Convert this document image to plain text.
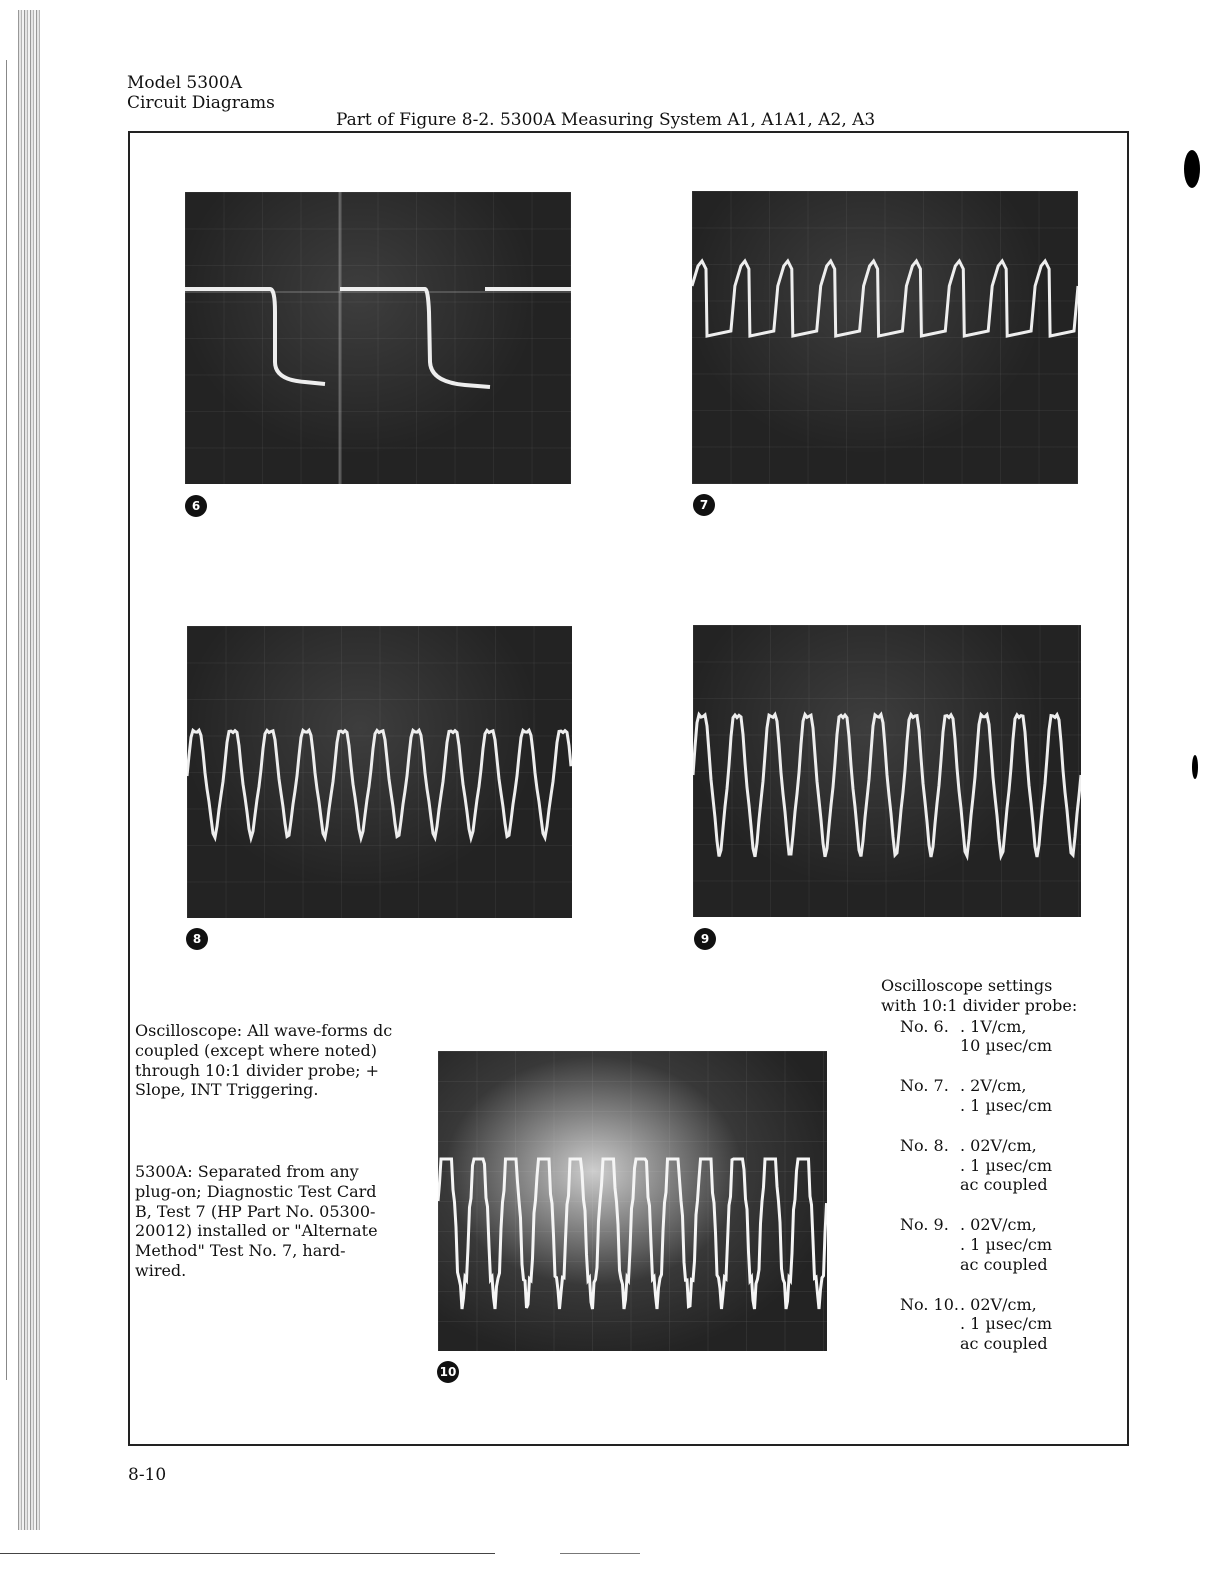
Model 5300A
Circuit Diagrams
Part of Figure 8-2. 5300A Measuring System A1, A1A1, A2, A3
6	7
8	9
10
Oscilloscope: All wave-forms dc coupled (except where noted) through 10:1 divider probe; + Slope, INT Triggering.
5300A: Separated from any plug-on; Diagnostic Test Card B, Test 7 (HP Part No. 05300-20012) installed or "Alternate Method" Test No. 7, hard-wired.
Oscilloscope settings
with 10:1 divider probe:
No. 6. . 1V/cm,
10 µsec/cm
No. 7. . 2V/cm,
. 1 µsec/cm
No. 8. . 02V/cm,
. 1 µsec/cm
ac coupled
No. 9. . 02V/cm,
. 1 µsec/cm
ac coupled
No. 10. . 02V/cm,
. 1 µsec/cm
ac coupled
8-10
